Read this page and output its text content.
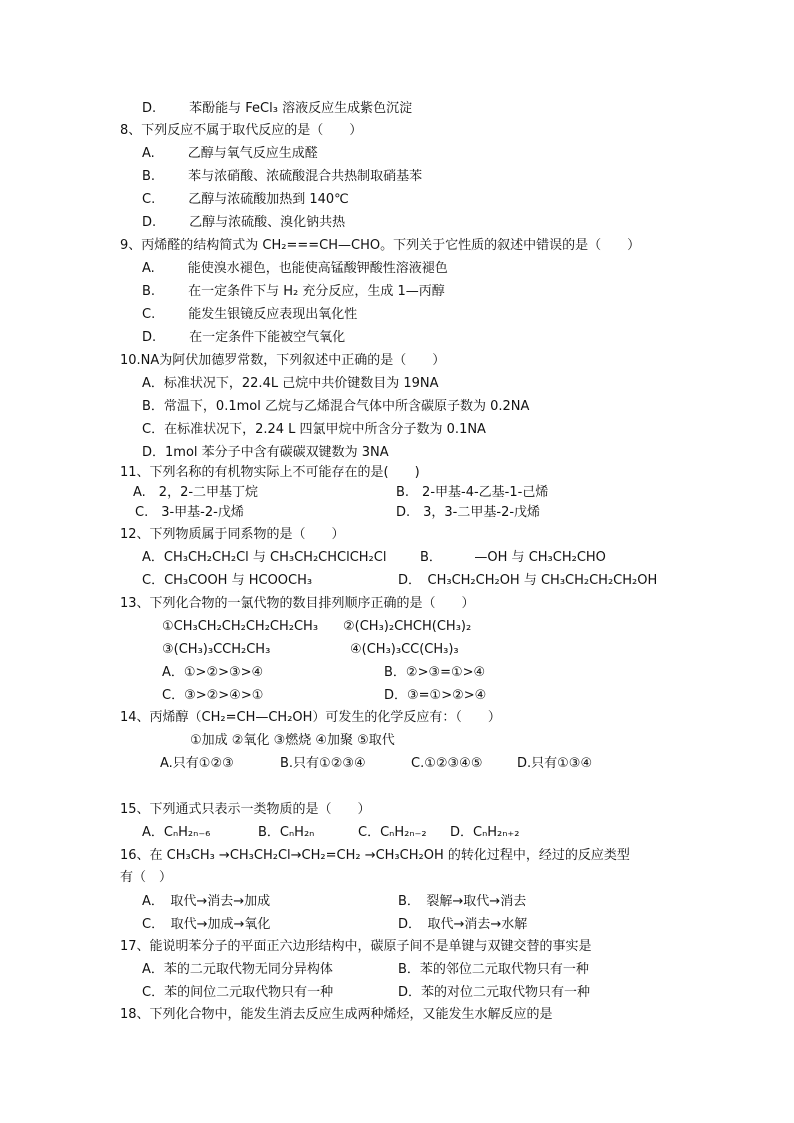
D.	苯酚能与 FeCl₃ 溶液反应生成紫色沉淀
8、下列反应不属于取代反应的是（　　）
A.	乙醇与氧气反应生成醛
B.	苯与浓硝酸、浓硫酸混合共热制取硝基苯
C.	乙醇与浓硫酸加热到 140℃
D.	乙醇与浓硫酸、溴化钠共热
9、丙烯醛的结构简式为 CH₂===CH—CHO。下列关于它性质的叙述中错误的是（　　）
A.	能使溴水褪色，也能使高锰酸钾酸性溶液褪色
B.	在一定条件下与 H₂ 充分反应，生成 1—丙醇
C.	能发生银镜反应表现出氧化性
D.	在一定条件下能被空气氧化
10.NA为阿伏加德罗常数，下列叙述中正确的是（　　）
A．标准状况下，22.4L 己烷中共价键数目为 19NA
B．常温下，0.1mol 乙烷与乙烯混合气体中所含碳原子数为 0.2NA
C．在标准状况下，2.24 L 四氯甲烷中所含分子数为 0.1NA
D．1mol 苯分子中含有碳碳双键数为 3NA
11、下列名称的有机物实际上不可能存在的是(　　)
A.　2，2-二甲基丁烷	B.　2-甲基-4-乙基-1-己烯
C.　3-甲基-2-戊烯	D.　3，3-二甲基-2-戊烯
12、下列物质属于同系物的是（　　）
A．CH₃CH₂CH₂Cl 与 CH₃CH₂CHClCH₂Cl	B．　　　—OH 与 CH₃CH₂CHO
C．CH₃COOH 与 HCOOCH₃	D．　CH₃CH₂CH₂OH 与 CH₃CH₂CH₂CH₂OH
13、下列化合物的一氯代物的数目排列顺序正确的是（　　）
①CH₃CH₂CH₂CH₂CH₂CH₃ ②(CH₃)₂CHCH(CH₃)₂
③(CH₃)₃CCH₂CH₃	④(CH₃)₃CC(CH₃)₃
A．①>②>③>④	B．②>③=①>④
C．③>②>④>①	D．③=①>②>④
14、丙烯醇（CH₂=CH—CH₂OH）可发生的化学反应有：（　　）
①加成 ②氧化 ③燃烧 ④加聚 ⑤取代
A.只有①②③	B.只有①②③④	C.①②③④⑤	D.只有①③④
15、下列通式只表示一类物质的是（　　）
A．CₙH₂ₙ₋₆	B．CₙH₂ₙ	C．CₙH₂ₙ₋₂ D．CₙH₂ₙ₊₂
16、在 CH₃CH₃ →CH₃CH₂Cl→CH₂=CH₂ →CH₃CH₂OH 的转化过程中，经过的反应类型
有（　）
A．　取代→消去→加成	B．　裂解→取代→消去
C．　取代→加成→氧化	D．　取代→消去→水解
17、能说明苯分子的平面正六边形结构中，碳原子间不是单键与双键交替的事实是
A．苯的二元取代物无同分异构体	B．苯的邻位二元取代物只有一种
C．苯的间位二元取代物只有一种	D．苯的对位二元取代物只有一种
18、下列化合物中，能发生消去反应生成两种烯烃，又能发生水解反应的是
